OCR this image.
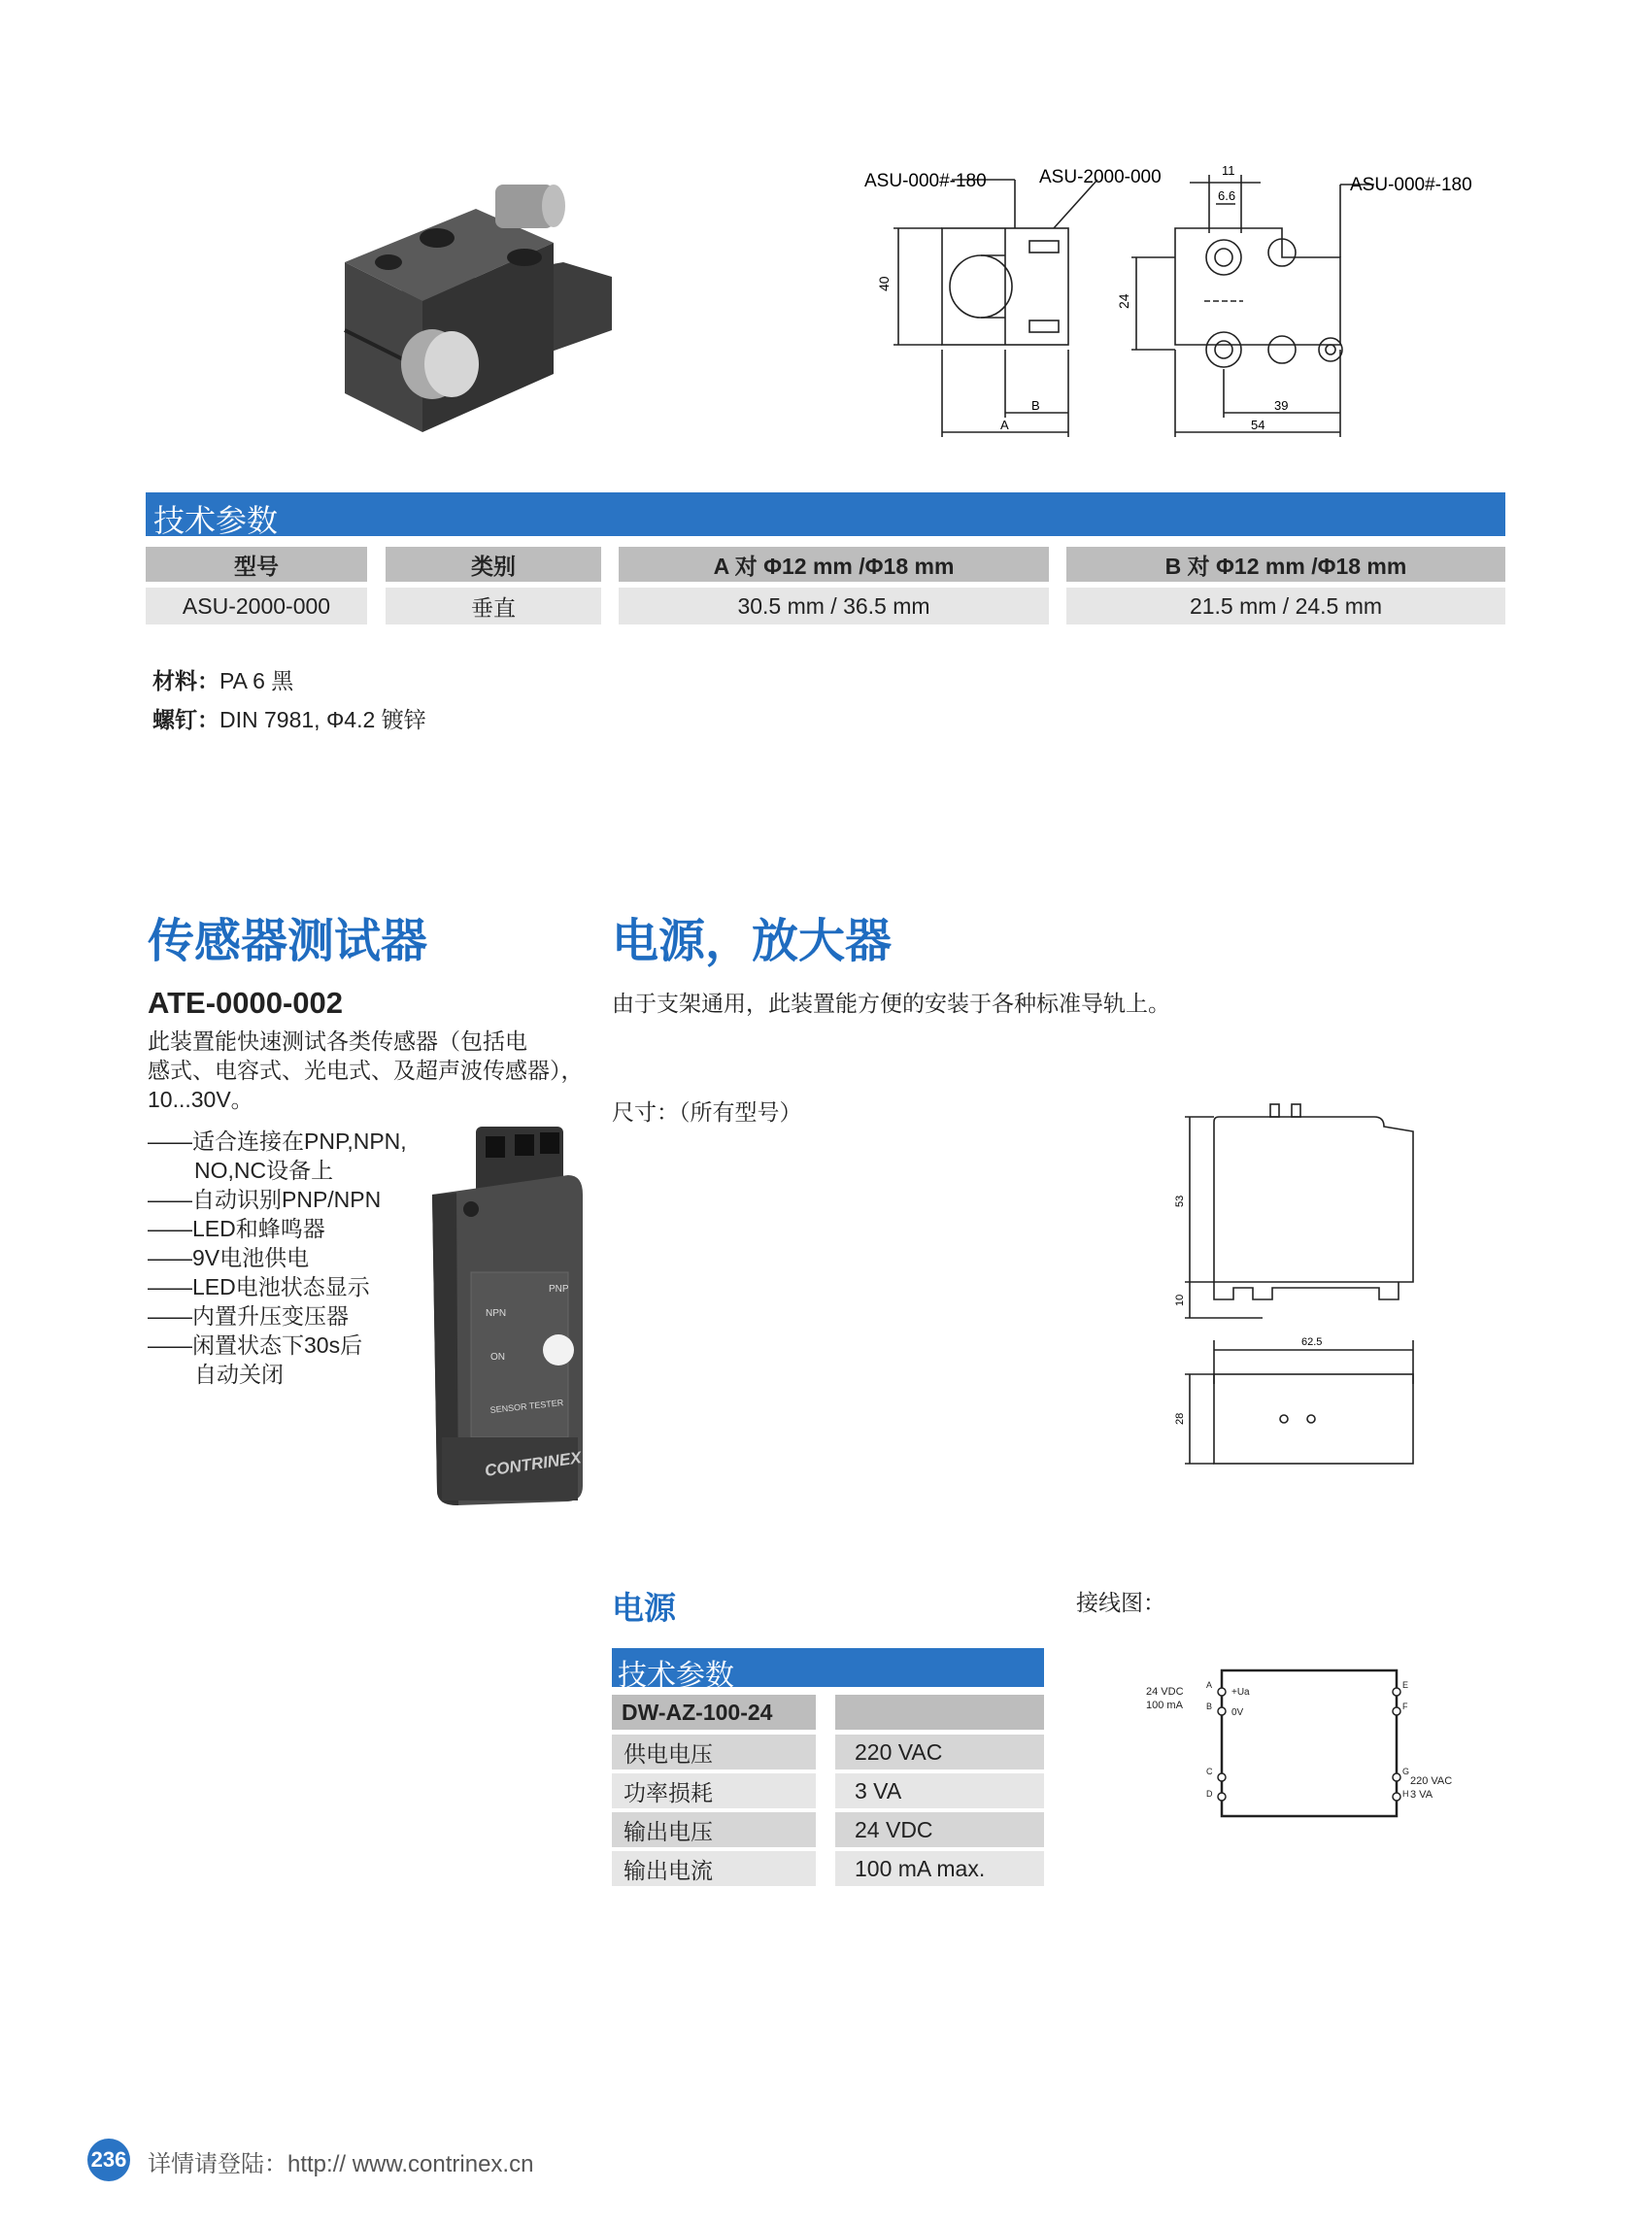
ASU-000#-180	ASU-2000-000	ASU-000#-180
40
24
11
6.6
B
A
39
54
技术参数
型号	类别	A 对 Φ12 mm /Φ18 mm	B 对 Φ12 mm /Φ18 mm
ASU-2000-000	垂直	30.5 mm / 36.5 mm	21.5 mm / 24.5 mm
材料：PA 6 黑
螺钉：DIN 7981, Φ4.2 镀锌
传感器测试器
ATE-0000-002
此装置能快速测试各类传感器（包括电
感式、电容式、光电式、及超声波传感器），
10...30V。
——适合连接在PNP,NPN,
NO,NC设备上
——自动识别PNP/NPN
——LED和蜂鸣器
——9V电池供电
——LED电池状态显示
——内置升压变压器
——闲置状态下30s后
自动关闭
NPN
PNP
ON
SENSOR TESTER
CONTRINEX
电源，放大器
由于支架通用，此装置能方便的安装于各种标准导轨上。
尺寸：（所有型号）
53
10
62.5
28
电源	接线图：
技术参数
DW-AZ-100-24
供电电压	220 VAC
功率损耗	3 VA
输出电压	24 VDC
输出电流	100 mA max.
24 VDC
100 mA
A
B
C
D
E
F
G
H
+Ua
0V
220 VAC
3 VA
236 详情请登陆：http:// www.contrinex.cn
